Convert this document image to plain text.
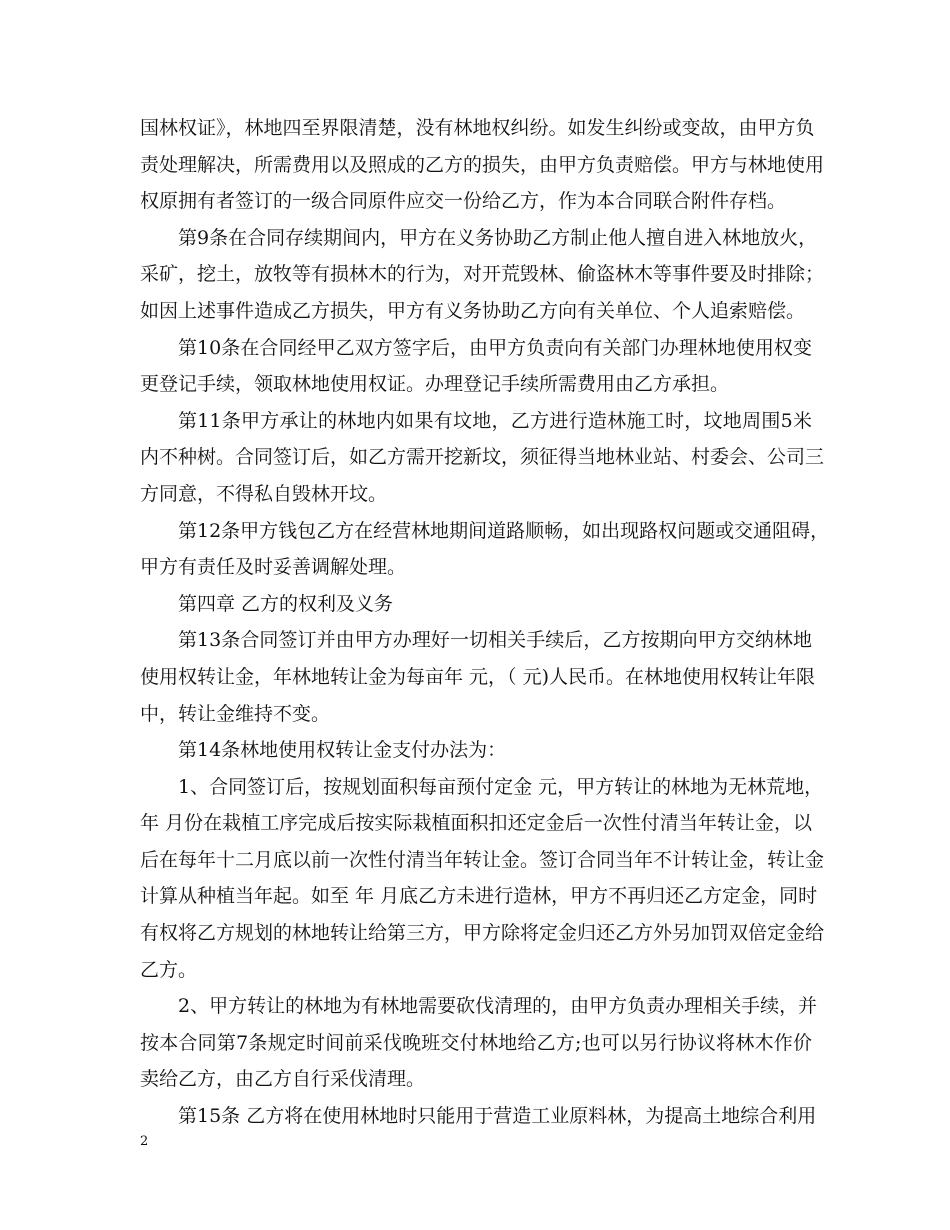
国林权证》，林地四至界限清楚，没有林地权纠纷。如发生纠纷或变故，由甲方负
责处理解决，所需费用以及照成的乙方的损失，由甲方负责赔偿。甲方与林地使用
权原拥有者签订的一级合同原件应交一份给乙方，作为本合同联合附件存档。
第9条在合同存续期间内，甲方在义务协助乙方制止他人擅自进入林地放火，
采矿，挖土，放牧等有损林木的行为，对开荒毁林、偷盗林木等事件要及时排除；
如因上述事件造成乙方损失，甲方有义务协助乙方向有关单位、个人追索赔偿。
第10条在合同经甲乙双方签字后，由甲方负责向有关部门办理林地使用权变
更登记手续，领取林地使用权证。办理登记手续所需费用由乙方承担。
第11条甲方承让的林地内如果有坟地，乙方进行造林施工时，坟地周围5米
内不种树。合同签订后，如乙方需开挖新坟，须征得当地林业站、村委会、公司三
方同意，不得私自毁林开坟。
第12条甲方钱包乙方在经营林地期间道路顺畅，如出现路权问题或交通阻碍，
甲方有责任及时妥善调解处理。
第四章 乙方的权利及义务
第13条合同签订并由甲方办理好一切相关手续后，乙方按期向甲方交纳林地
使用权转让金，年林地转让金为每亩年 元，（ 元)人民币。在林地使用权转让年限
中，转让金维持不变。
第14条林地使用权转让金支付办法为：
1、合同签订后，按规划面积每亩预付定金 元，甲方转让的林地为无林荒地，
年 月份在栽植工序完成后按实际栽植面积扣还定金后一次性付清当年转让金，以
后在每年十二月底以前一次性付清当年转让金。签订合同当年不计转让金，转让金
计算从种植当年起。如至 年 月底乙方未进行造林，甲方不再归还乙方定金，同时
有权将乙方规划的林地转让给第三方，甲方除将定金归还乙方外另加罚双倍定金给
乙方。
2、甲方转让的林地为有林地需要砍伐清理的，由甲方负责办理相关手续，并
按本合同第7条规定时间前采伐晚班交付林地给乙方;也可以另行协议将林木作价
卖给乙方，由乙方自行采伐清理。
第15条 乙方将在使用林地时只能用于营造工业原料林，为提高土地综合利用
2
